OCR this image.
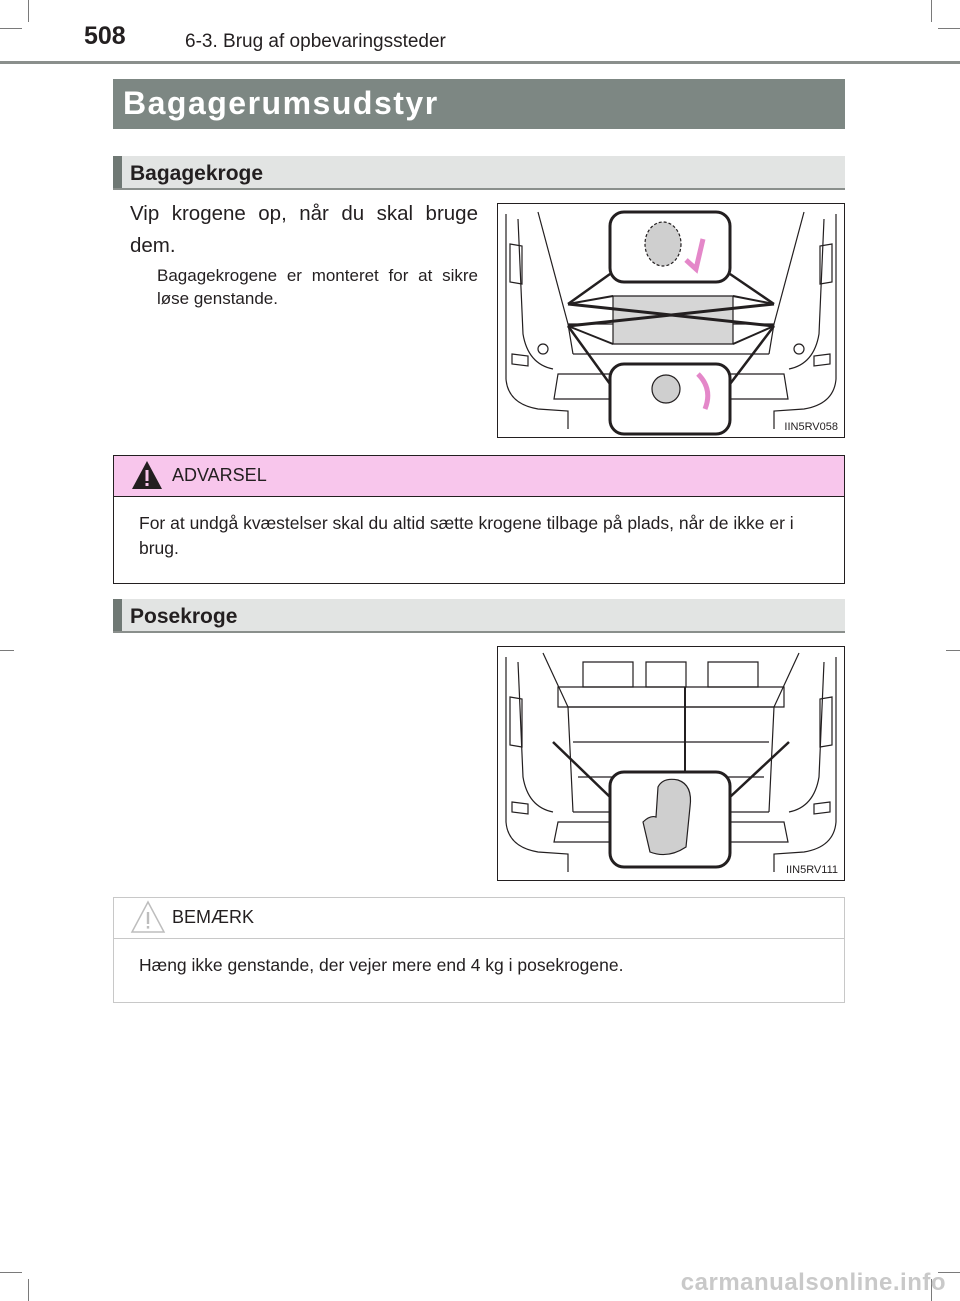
508	6-3. Brug af opbevaringssteder
Bagagerumsudstyr
Bagagekroge
Vip krogene op, når du skal bruge dem.
Bagagekrogene er monteret for at sikre løse genstande.
IIN5RV058
ADVARSEL
For at undgå kvæstelser skal du altid sætte krogene tilbage på plads, når de ikke er i brug.
Posekroge
IIN5RV111
BEMÆRK
Hæng ikke genstande, der vejer mere end 4 kg i posekrogene.
carmanualsonline.info
